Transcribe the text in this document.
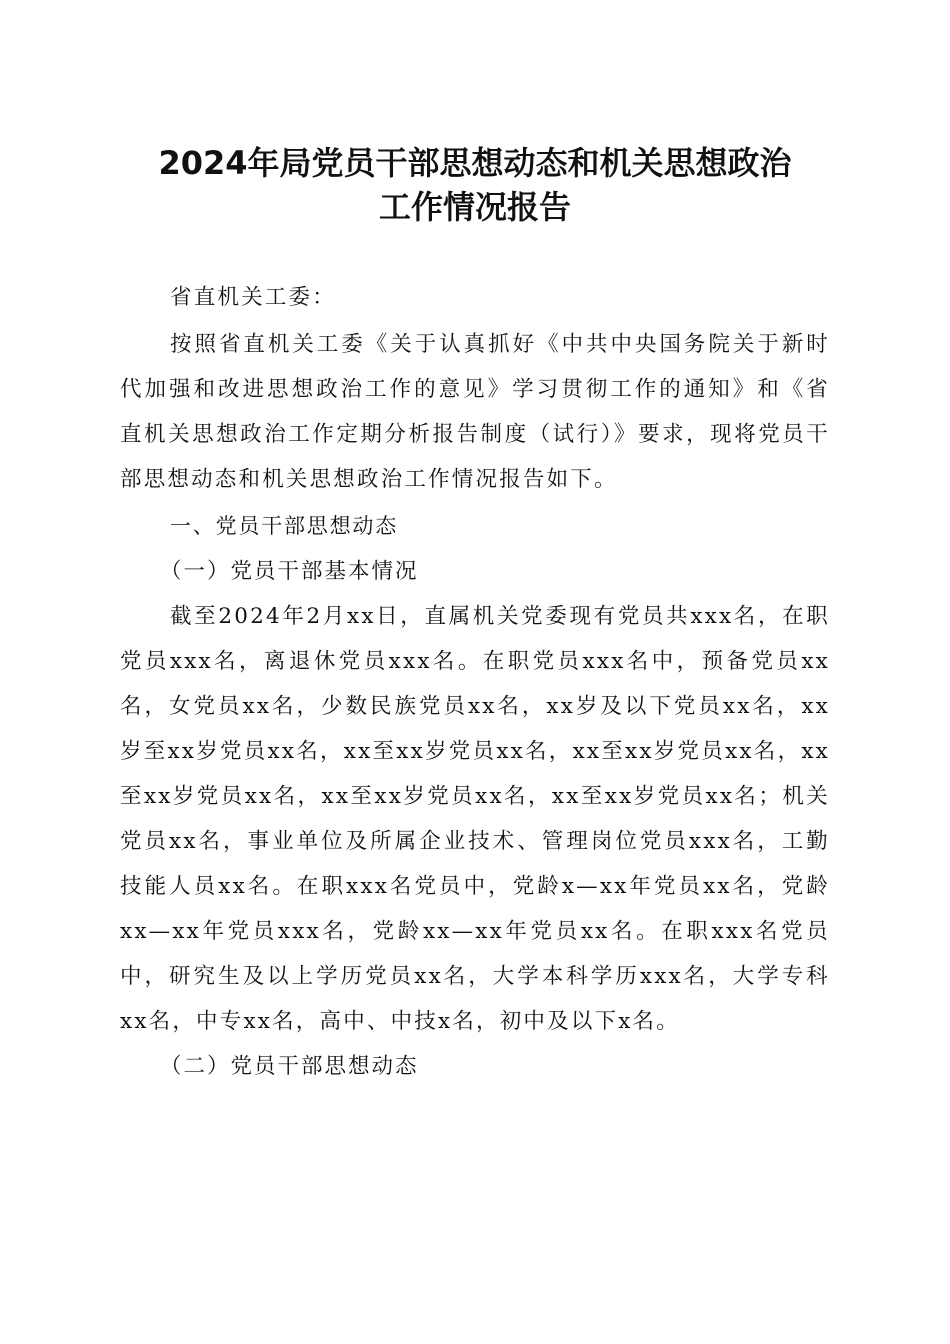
2024年局党员干部思想动态和机关思想政治
工作情况报告

省直机关工委：

按照省直机关工委《关于认真抓好《中共中央国务院关于新时代加强和改进思想政治工作的意见》学习贯彻工作的通知》和《省直机关思想政治工作定期分析报告制度（试行）》要求，现将党员干部思想动态和机关思想政治工作情况报告如下。

一、党员干部思想动态

（一）党员干部基本情况

截至2024年2月xx日，直属机关党委现有党员共xxx名，在职党员xxx名，离退休党员xxx名。在职党员xxx名中，预备党员xx名，女党员xx名，少数民族党员xx名，xx岁及以下党员xx名，xx岁至xx岁党员xx名，xx至xx岁党员xx名，xx至xx岁党员xx名，xx至xx岁党员xx名，xx至xx岁党员xx名，xx至xx岁党员xx名；机关党员xx名，事业单位及所属企业技术、管理岗位党员xxx名，工勤技能人员xx名。在职xxx名党员中，党龄x—xx年党员xx名，党龄xx—xx年党员xxx名，党龄xx—xx年党员xx名。在职xxx名党员中，研究生及以上学历党员xx名，大学本科学历xxx名，大学专科xx名，中专xx名，高中、中技x名，初中及以下x名。

（二）党员干部思想动态
